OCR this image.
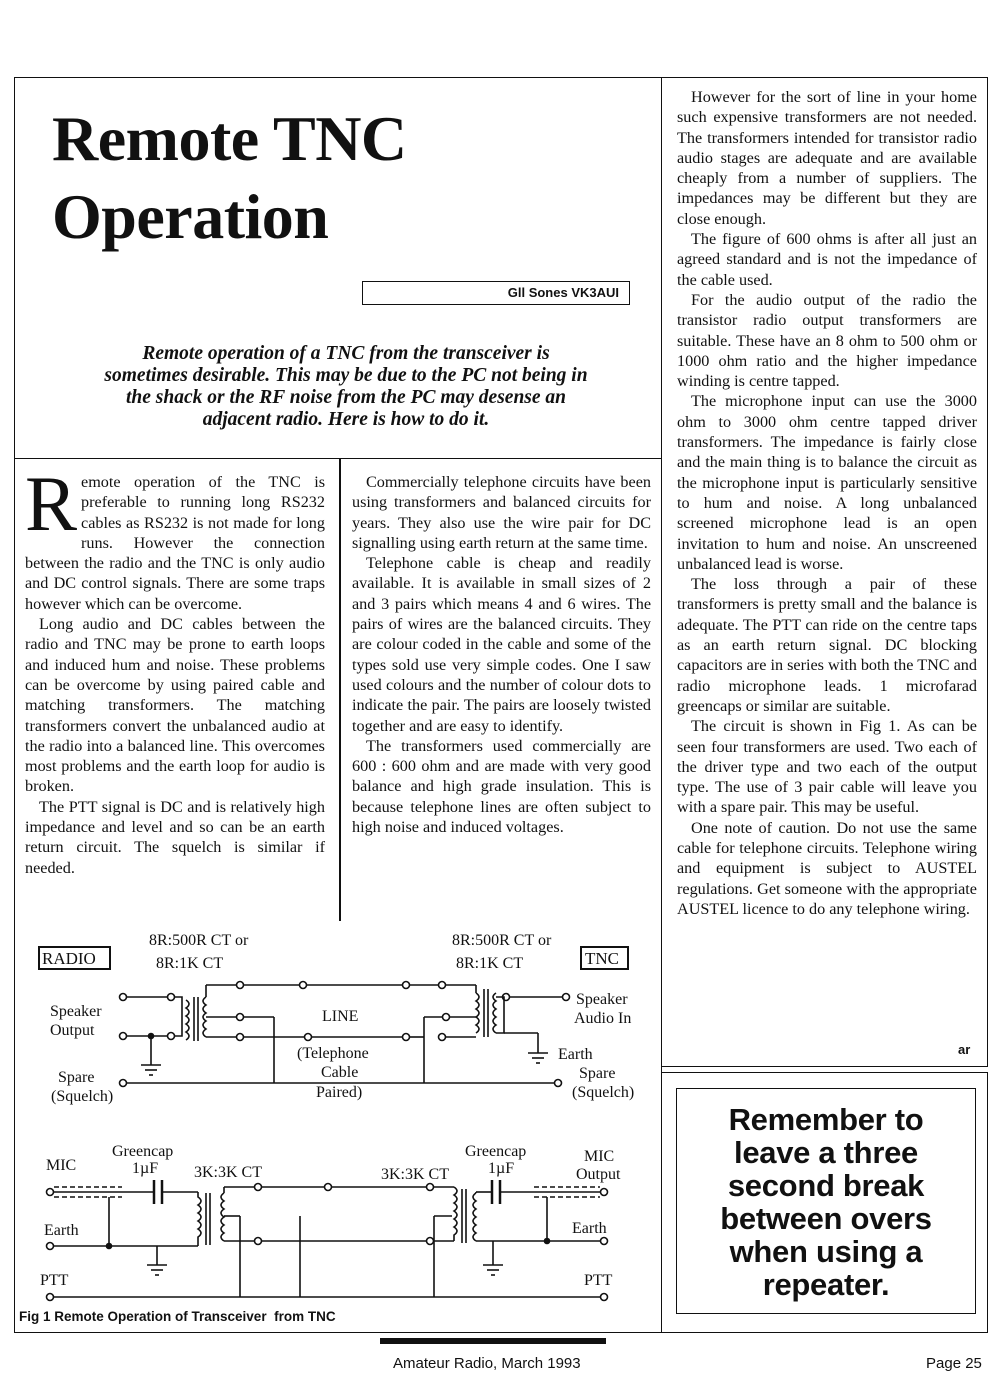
Remote TNC
Operation
Gll Sones VK3AUI
Remote operation of a TNC from the transceiver is sometimes desirable. This may be due to the PC not being in the shack or the RF noise from the PC may desense an adjacent radio. Here is how to do it.

Remote operation of the TNC is preferable to running long RS232 cables as RS232 is not made for long runs. However the connection between the radio and the TNC is only audio and DC control signals. There are some traps however which can be overcome.

Long audio and DC cables between the radio and TNC may be prone to earth loops and induced hum and noise. These problems can be overcome by using paired cable and matching transformers. The matching transformers convert the unbalanced audio at the radio into a balanced line. This overcomes most problems and the earth loop for audio is broken.

The PTT signal is DC and is relatively high impedance and level and so can be an earth return circuit. The squelch is similar if needed.

Commercially telephone circuits have been using transformers and balanced circuits for years. They also use the wire pair for DC signalling using earth return at the same time.

Telephone cable is cheap and readily available. It is available in small sizes of 2 and 3 pairs which means 4 and 6 wires. The pairs of wires are the balanced circuits. They are colour coded in the cable and some of the types sold use very simple codes. One I saw used colours and the number of colour dots to indicate the pair. The pairs are loosely twisted together and are easy to identify.

The transformers used commercially are 600 : 600 ohm and are made with very good balance and high grade insulation. This is because telephone lines are often subject to high noise and induced voltages.

However for the sort of line in your home such expensive transformers are not needed. The transformers intended for transistor radio audio stages are adequate and are available cheaply from a number of suppliers. The impedances may be different but they are close enough.

The figure of 600 ohms is after all just an agreed standard and is not the impedance of the cable used.

For the audio output of the radio the transistor radio output transformers are suitable. These have an 8 ohm to 500 ohm or 1000 ohm ratio and the higher impedance winding is centre tapped.

The microphone input can use the 3000 ohm to 3000 ohm centre tapped driver transformers. The impedance is fairly close and the main thing is to balance the circuit as the microphone input is particularly sensitive to hum and noise. A long unbalanced screened microphone lead is an open invitation to hum and noise. An unscreened unbalanced lead is worse.

The loss through a pair of these transformers is pretty small and the balance is adequate. The PTT can ride on the centre taps as an earth return signal. DC blocking capacitors are in series with both the TNC and radio microphone leads. 1 microfarad greencaps or similar are suitable.

The circuit is shown in Fig 1. As can be seen four transformers are used. Two each of the driver type and two each of the output type. The use of 3 pair cable will leave you with a spare pair. This may be useful.

One note of caution. Do not use the same cable for telephone circuits. Telephone wiring and equipment is subject to AUSTEL regulations. Get someone with the appropriate AUSTEL licence to do any telephone wiring.

ar
RADIO	TNC
8R:500R CT or
8R:1K CT
8R:500R CT or
8R:1K CT
Speaker
Output
LINE
(Telephone
Cable
Paired)
Speaker
Audio In
Earth
Spare
(Squelch)
Spare
(Squelch)
Greencap
1µF
MIC	3K:3K CT	3K:3K CT
Greencap
1µF
MIC
Output
Earth	Earth
PTT	PTT
Fig 1 Remote Operation of Transceiver  from TNC
Remember to
leave a three
second break
between overs
when using a
repeater.
Amateur Radio, March 1993	Page 25
